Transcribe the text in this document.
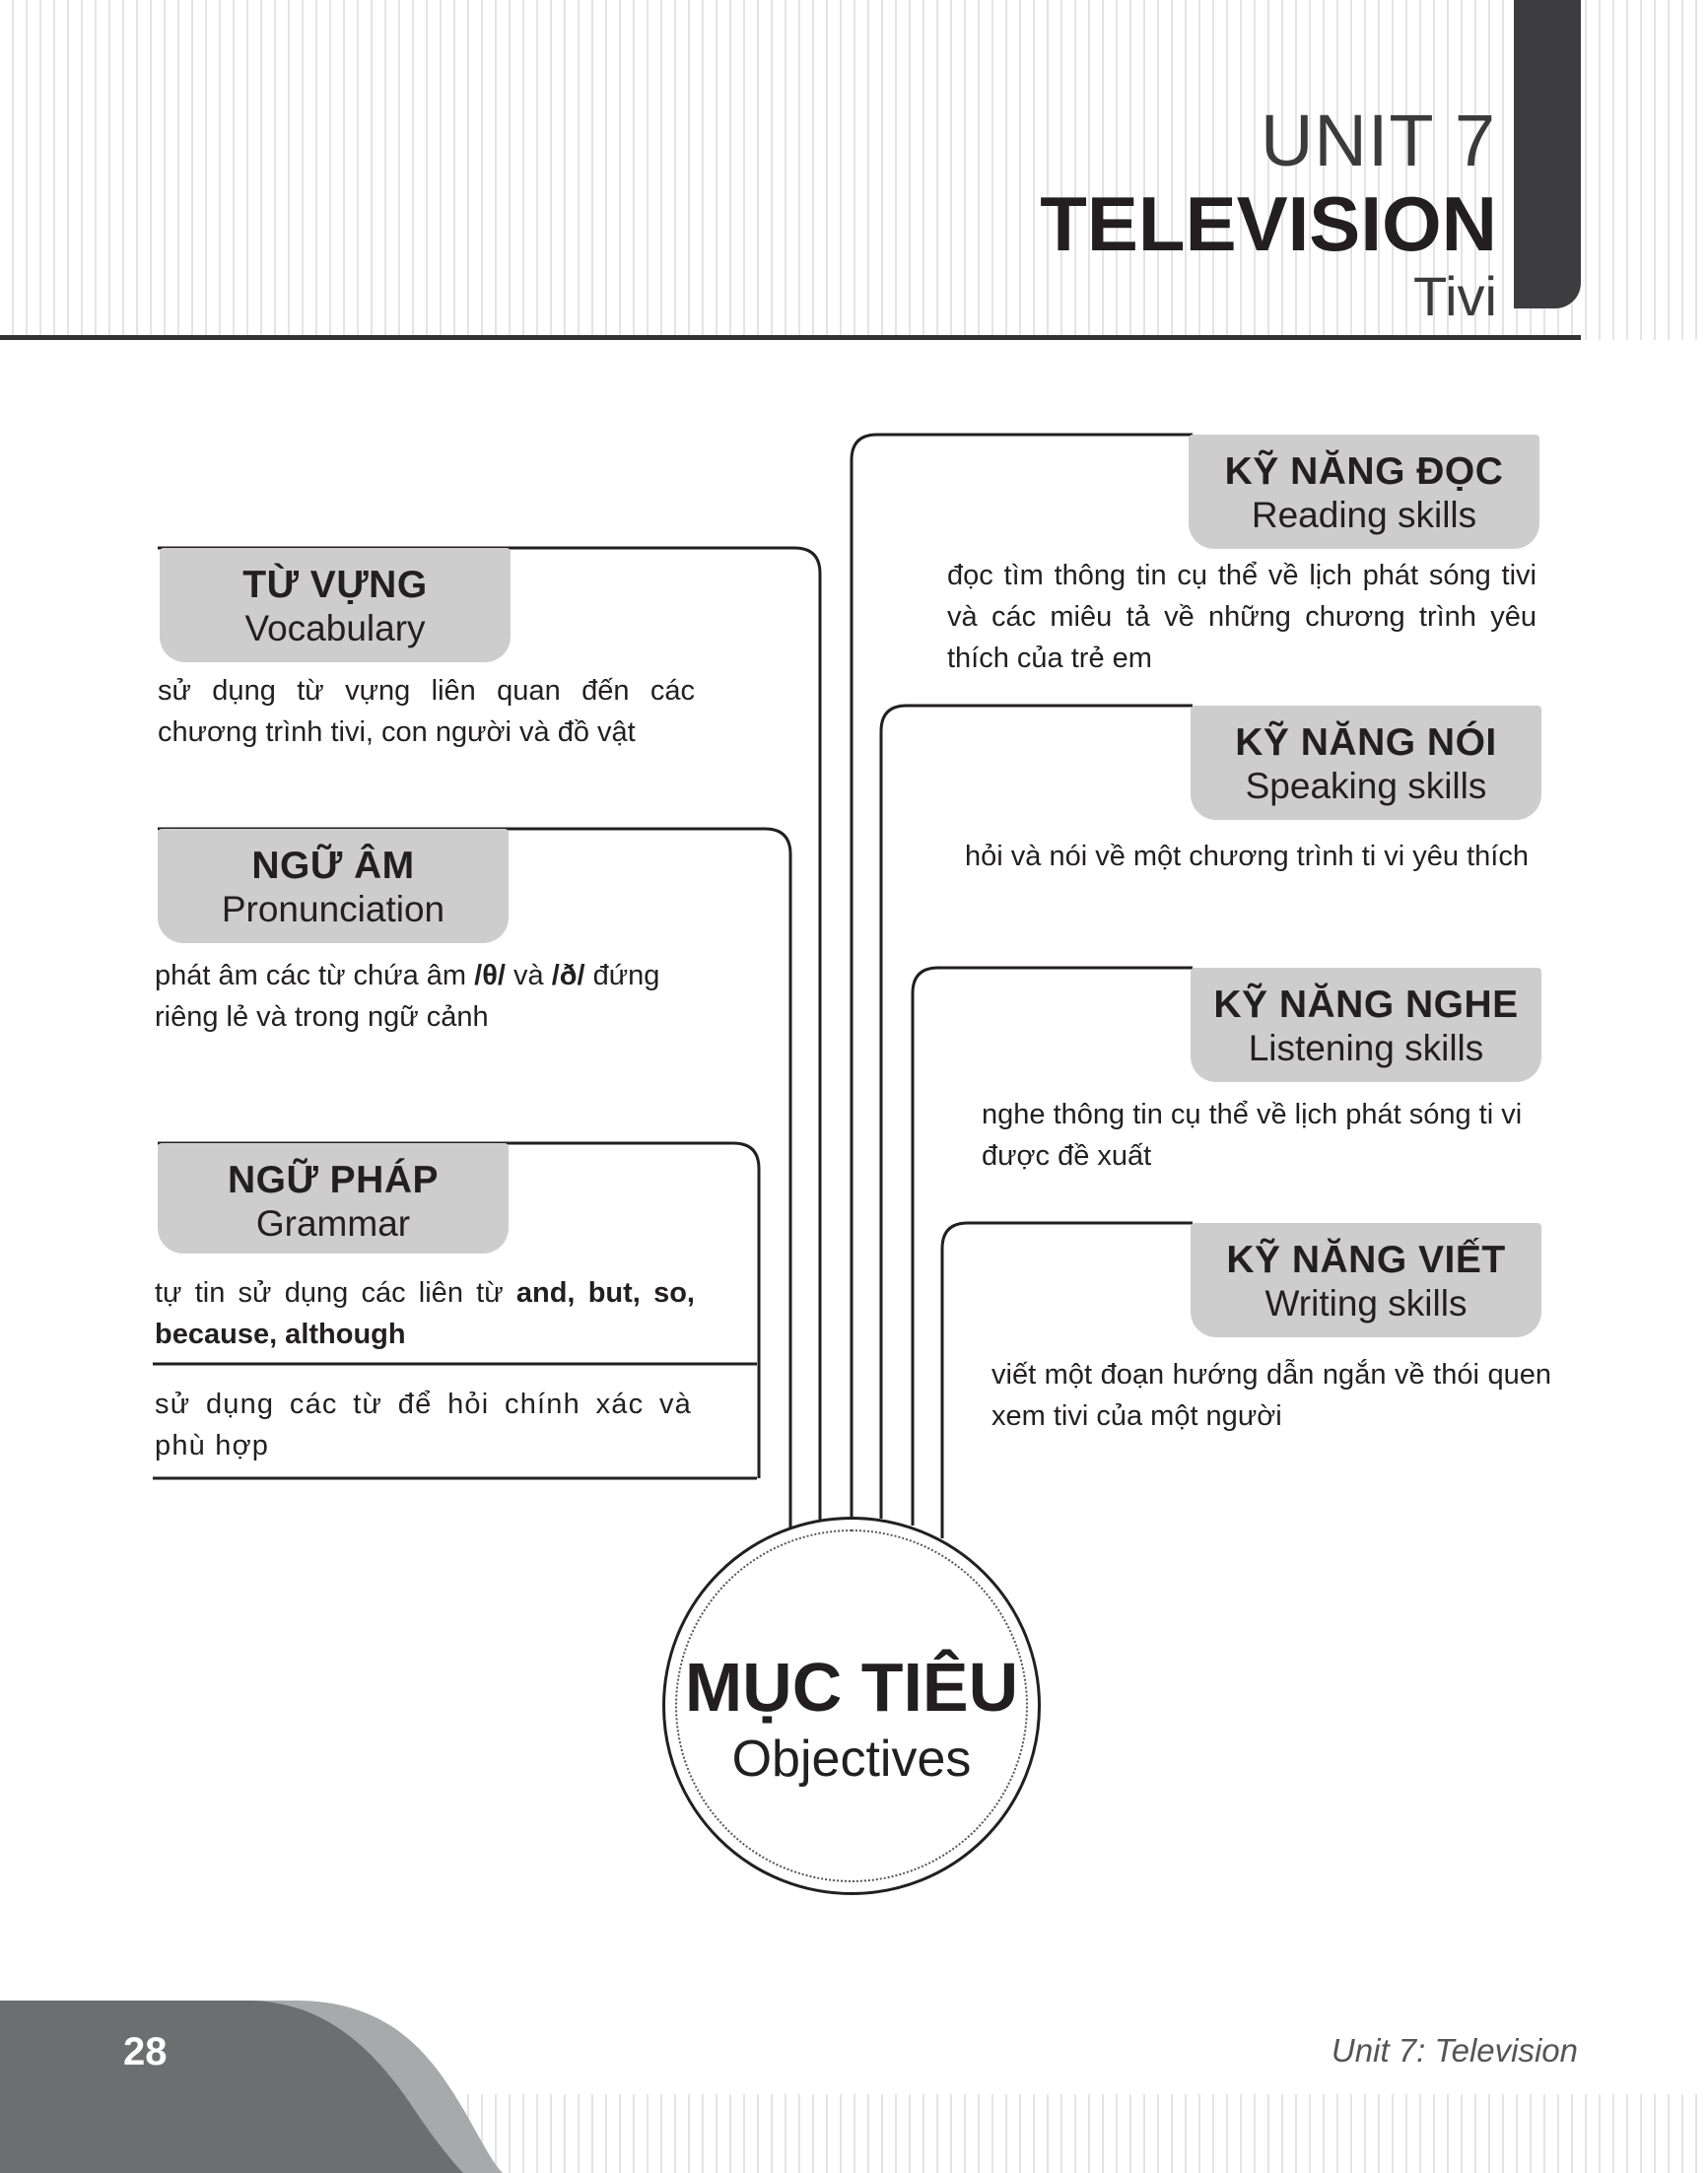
UNIT 7
TELEVISION
Tivi
TỪ VỰNG
Vocabulary
sử dụng từ vựng liên quan đến các chương trình tivi, con người và đồ vật
NGỮ ÂM
Pronunciation
phát âm các từ chứa âm /θ/ và /ð/ đứng riêng lẻ và trong ngữ cảnh
NGỮ PHÁP
Grammar
tự tin sử dụng các liên từ and, but, so, because, although
sử dụng các từ để hỏi chính xác và phù hợp
KỸ NĂNG ĐỌC
Reading skills
đọc tìm thông tin cụ thể về lịch phát sóng tivi và các miêu tả về những chương trình yêu thích của trẻ em
KỸ NĂNG NÓI
Speaking skills
hỏi và nói về một chương trình ti vi yêu thích
KỸ NĂNG NGHE
Listening skills
nghe thông tin cụ thể về lịch phát sóng ti vi được đề xuất
KỸ NĂNG VIẾT
Writing skills
viết một đoạn hướng dẫn ngắn về thói quen xem tivi của một người
MỤC TIÊU
Objectives
28	Unit 7: Television
